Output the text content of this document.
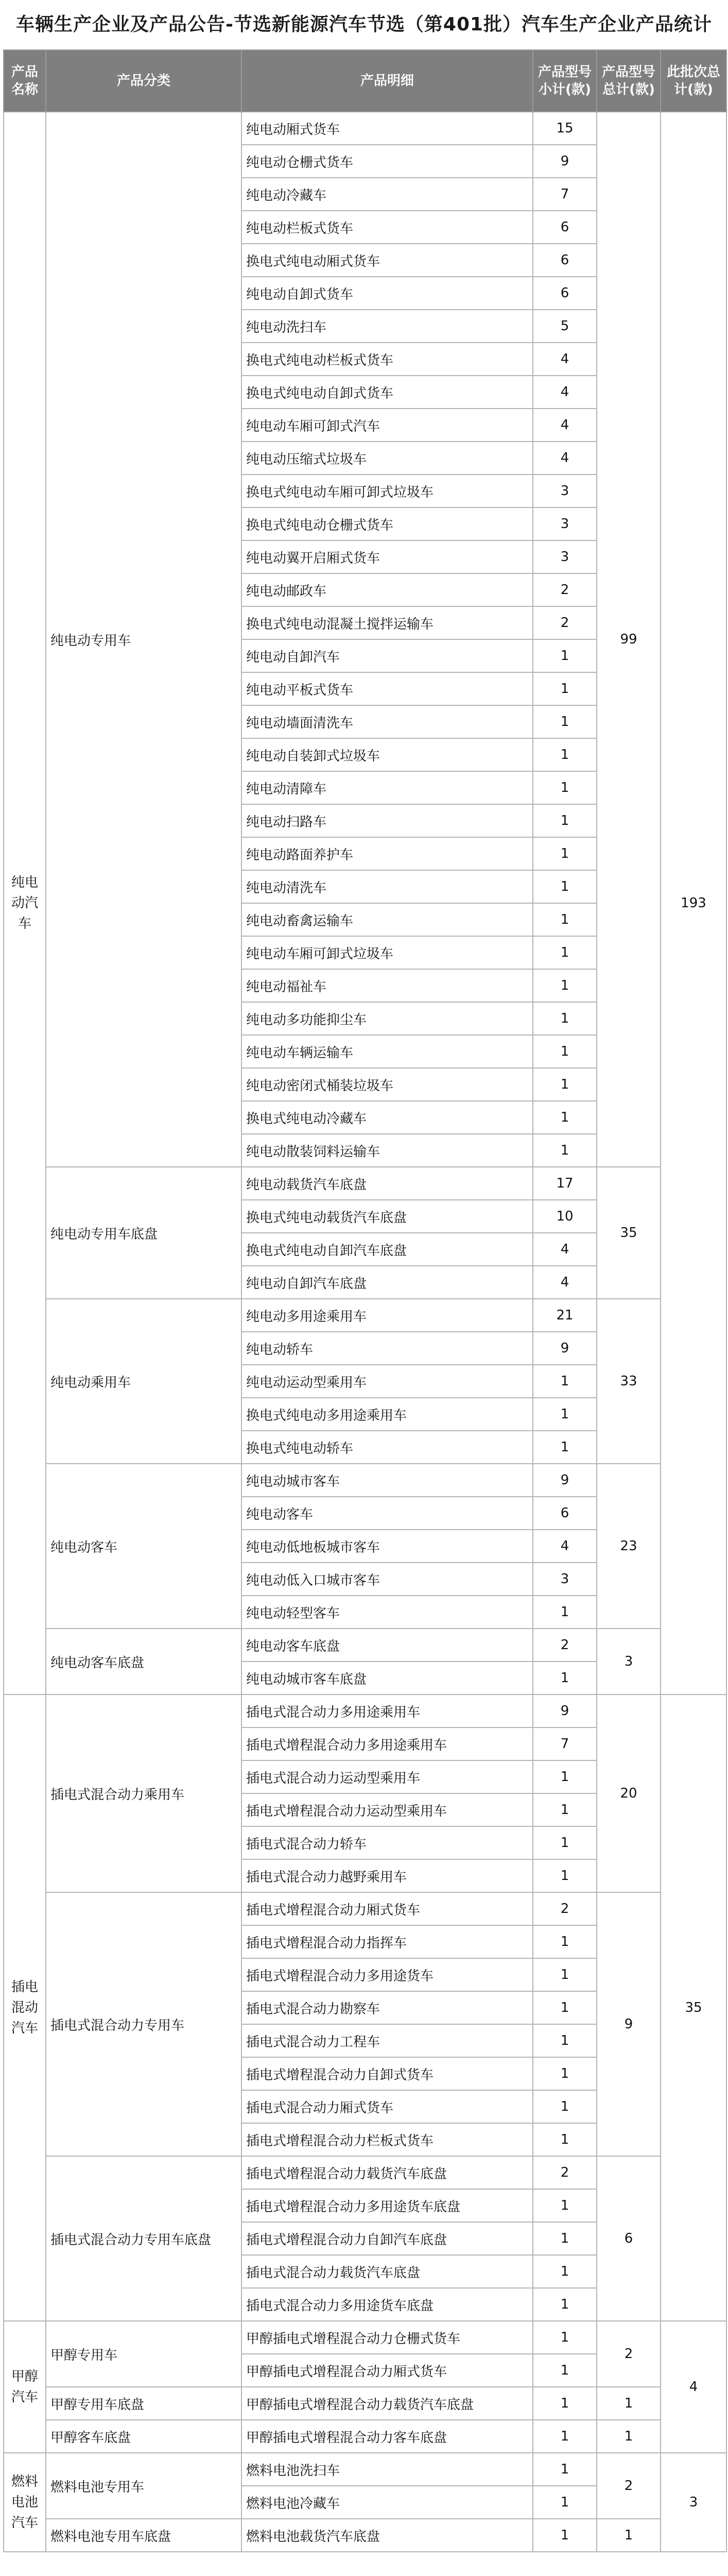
车辆生产企业及产品公告-节选新能源汽车节选（第401批）汽车生产企业产品统计
产品名称	产品分类	产品明细	产品型号小计(款)	产品型号总计(款)	此批次总计(款)
纯电动汽车	纯电动专用车	纯电动厢式货车	15	99	193
		纯电动仓栅式货车	9		
		纯电动冷藏车	7		
		纯电动栏板式货车	6		
		换电式纯电动厢式货车	6		
		纯电动自卸式货车	6		
		纯电动洗扫车	5		
		换电式纯电动栏板式货车	4		
		换电式纯电动自卸式货车	4		
		纯电动车厢可卸式汽车	4		
		纯电动压缩式垃圾车	4		
		换电式纯电动车厢可卸式垃圾车	3		
		换电式纯电动仓栅式货车	3		
		纯电动翼开启厢式货车	3		
		纯电动邮政车	2		
		换电式纯电动混凝土搅拌运输车	2		
		纯电动自卸汽车	1		
		纯电动平板式货车	1		
		纯电动墙面清洗车	1		
		纯电动自装卸式垃圾车	1		
		纯电动清障车	1		
		纯电动扫路车	1		
		纯电动路面养护车	1		
		纯电动清洗车	1		
		纯电动畜禽运输车	1		
		纯电动车厢可卸式垃圾车	1		
		纯电动福祉车	1		
		纯电动多功能抑尘车	1		
		纯电动车辆运输车	1		
		纯电动密闭式桶装垃圾车	1		
		换电式纯电动冷藏车	1		
		纯电动散装饲料运输车	1		
	纯电动专用车底盘	纯电动载货汽车底盘	17	35	
		换电式纯电动载货汽车底盘	10		
		换电式纯电动自卸汽车底盘	4		
		纯电动自卸汽车底盘	4		
	纯电动乘用车	纯电动多用途乘用车	21	33	
		纯电动轿车	9		
		纯电动运动型乘用车	1		
		换电式纯电动多用途乘用车	1		
		换电式纯电动轿车	1		
	纯电动客车	纯电动城市客车	9	23	
		纯电动客车	6		
		纯电动低地板城市客车	4		
		纯电动低入口城市客车	3		
		纯电动轻型客车	1		
	纯电动客车底盘	纯电动客车底盘	2	3	
		纯电动城市客车底盘	1		
插电混动汽车	插电式混合动力乘用车	插电式混合动力多用途乘用车	9	20	35
		插电式增程混合动力多用途乘用车	7		
		插电式混合动力运动型乘用车	1		
		插电式增程混合动力运动型乘用车	1		
		插电式混合动力轿车	1		
		插电式混合动力越野乘用车	1		
	插电式混合动力专用车	插电式增程混合动力厢式货车	2	9	
		插电式增程混合动力指挥车	1		
		插电式增程混合动力多用途货车	1		
		插电式混合动力勘察车	1		
		插电式混合动力工程车	1		
		插电式增程混合动力自卸式货车	1		
		插电式混合动力厢式货车	1		
		插电式增程混合动力栏板式货车	1		
	插电式混合动力专用车底盘	插电式增程混合动力载货汽车底盘	2	6	
		插电式增程混合动力多用途货车底盘	1		
		插电式增程混合动力自卸汽车底盘	1		
		插电式混合动力载货汽车底盘	1		
		插电式混合动力多用途货车底盘	1		
甲醇汽车	甲醇专用车	甲醇插电式增程混合动力仓栅式货车	1	2	4
		甲醇插电式增程混合动力厢式货车	1		
	甲醇专用车底盘	甲醇插电式增程混合动力载货汽车底盘	1	1	
	甲醇客车底盘	甲醇插电式增程混合动力客车底盘	1	1	
燃料电池汽车	燃料电池专用车	燃料电池洗扫车	1	2	3
		燃料电池冷藏车	1		
	燃料电池专用车底盘	燃料电池载货汽车底盘	1	1	
